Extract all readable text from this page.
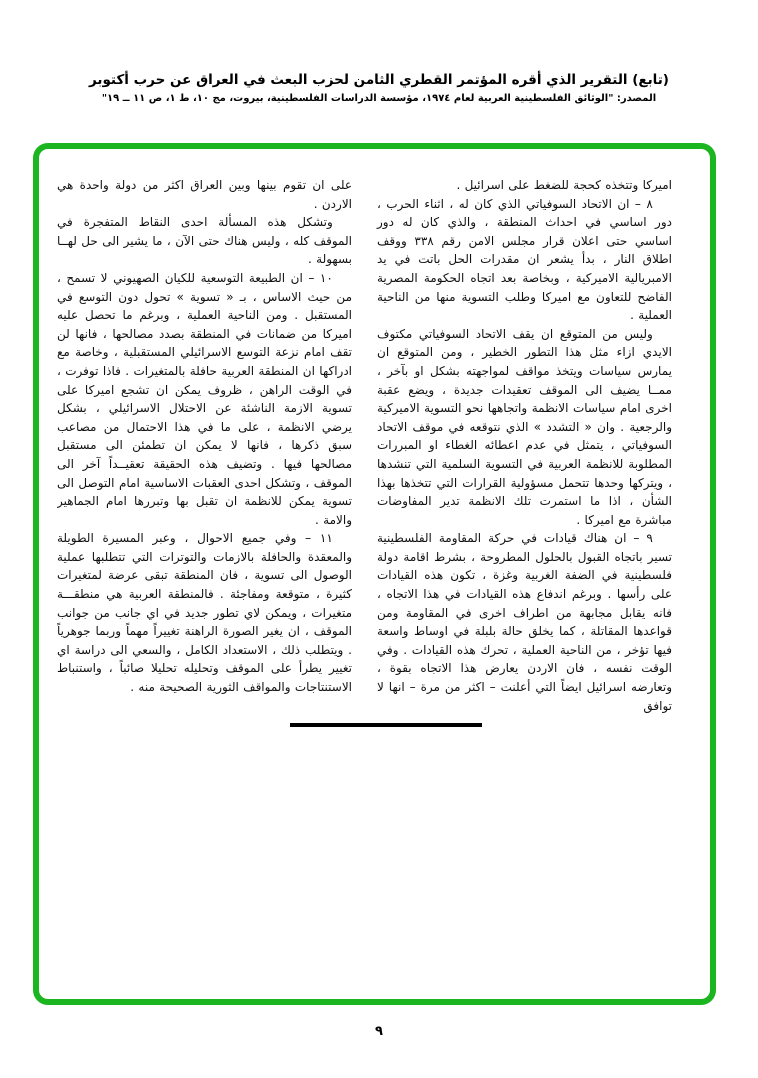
(تابع) التقرير الذي أقره المؤتمر القطري الثامن لحزب البعث في العراق عن حرب أكتوبر
المصدر: "الوثائق الفلسطينية العربية لعام ١٩٧٤، مؤسسة الدراسات الفلسطينية، بيروت، مج ١٠، ط ١، ص ١١ ــ ١٩"

اميركا وتتخذه كحجة للضغط على اسرائيل .

٨ – ان الاتحاد السوفياتي الذي كان له ، اثناء الحرب ، دور اساسي في احداث المنطقة ، والذي كان له دور اساسي حتى اعلان قرار مجلس الامن رقم ٣٣٨ ووقف اطلاق النار ، بدأ يشعر ان مقدرات الحل باتت في يد الامبريالية الاميركية ، وبخاصة بعد اتجاه الحكومة المصرية الفاضح للتعاون مع اميركا وطلب التسوية منها من الناحية العملية .

وليس من المتوقع ان يقف الاتحاد السوفياتي مكتوف الايدي ازاء مثل هذا التطور الخطير ، ومن المتوقع ان يمارس سياسات ويتخذ مواقف لمواجهته بشكل او بآخر ، ممــا يضيف الى الموقف تعقيدات جديدة ، ويضع عقبة اخرى امام سياسات الانظمة واتجاهها نحو التسوية الاميركية والرجعية . وان « التشدد » الذي نتوقعه في موقف الاتحاد السوفياتي ، يتمثل في عدم اعطائه الغطاء او المبررات المطلوبة للانظمة العربية في التسوية السلمية التي تنشدها ، ويتركها وحدها تتحمل مسؤولية القرارات التي تتخذها بهذا الشأن ، اذا ما استمرت تلك الانظمة تدير المفاوضات مباشرة مع اميركا .

٩ – ان هناك قيادات في حركة المقاومة الفلسطينية تسير باتجاه القبول بالحلول المطروحة ، بشرط اقامة دولة فلسطينية في الضفة الغربية وغزة ، تكون هذه القيادات على رأسها . وبرغم اندفاع هذه القيادات في هذا الاتجاه ، فانه يقابل مجابهة من اطراف اخرى في المقاومة ومن قواعدها المقاتلة ، كما يخلق حالة بلبلة في اوساط واسعة فيها تؤخر ، من الناحية العملية ، تحرك هذه القيادات . وفي الوقت نفسه ، فان الاردن يعارض هذا الاتجاه بقوة ، وتعارضه اسرائيل ايضاً التي أعلنت – اكثر من مرة – انها لا توافق

على ان تقوم بينها وبين العراق اكثر من دولة واحدة هي الاردن .

وتشكل هذه المسألة احدى النقاط المتفجرة في الموقف كله ، وليس هناك حتى الآن ، ما يشير الى حل لهــا بسهولة .

١٠ – ان الطبيعة التوسعية للكيان الصهيوني لا تسمح ، من حيث الاساس ، بـ « تسوية » تحول دون التوسع في المستقبل . ومن الناحية العملية ، وبرغم ما تحصل عليه اميركا من ضمانات في المنطقة بصدد مصالحها ، فانها لن تقف امام نزعة التوسع الاسرائيلي المستقبلية ، وخاصة مع ادراكها ان المنطقة العربية حافلة بالمتغيرات . فاذا توفرت ، في الوقت الراهن ، ظروف يمكن ان تشجع اميركا على تسوية الازمة الناشئة عن الاحتلال الاسرائيلي ، بشكل يرضي الانظمة ، على ما في هذا الاحتمال من مصاعب سبق ذكرها ، فانها لا يمكن ان تطمئن الى مستقبل مصالحها فيها . وتضيف هذه الحقيقة تعقيــداً آخر الى الموقف ، وتشكل احدى العقبات الاساسية امام التوصل الى تسوية يمكن للانظمة ان تقبل بها وتبررها امام الجماهير والامة .

١١ – وفي جميع الاحوال ، وعبر المسيرة الطويلة والمعقدة والحافلة بالازمات والتوترات التي تتطلبها عملية الوصول الى تسوية ، فان المنطقة تبقى عرضة لمتغيرات كثيرة ، متوقعة ومفاجئة . فالمنطقة العربية هي منطقـــة متغيرات ، ويمكن لاي تطور جديد في اي جانب من جوانب الموقف ، ان يغير الصورة الراهنة تغييراً مهماً وربما جوهرياً . ويتطلب ذلك ، الاستعداد الكامل ، والسعي الى دراسة اي تغيير يطرأ على الموقف وتحليله تحليلا صائباً ، واستنباط الاستنتاجات والمواقف الثورية الصحيحة منه .

٩
